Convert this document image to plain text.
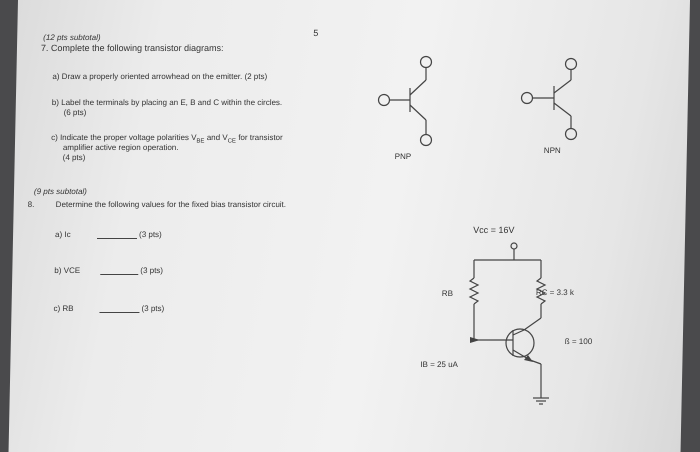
5
(12 pts subtotal)
7. Complete the following transistor diagrams:
a) Draw a properly oriented arrowhead on the emitter. (2 pts)
b) Label the terminals by placing an E, B and C within the circles.
(6 pts)
c) Indicate the proper voltage polarities $V_{BE}$ and $V_{CE}$ for transistor
amplifier active region operation.
(4 pts)	PNP
NPN
(9 pts subtotal)
8.	Determine the following values for the fixed bias transistor circuit.
a) Ic	(3 pts)
b) VCE	(3 pts)
c) RB	(3 pts)
Vcc = 16V
RB	RC = 3.3 k
ß = 100
IB = 25 uA
